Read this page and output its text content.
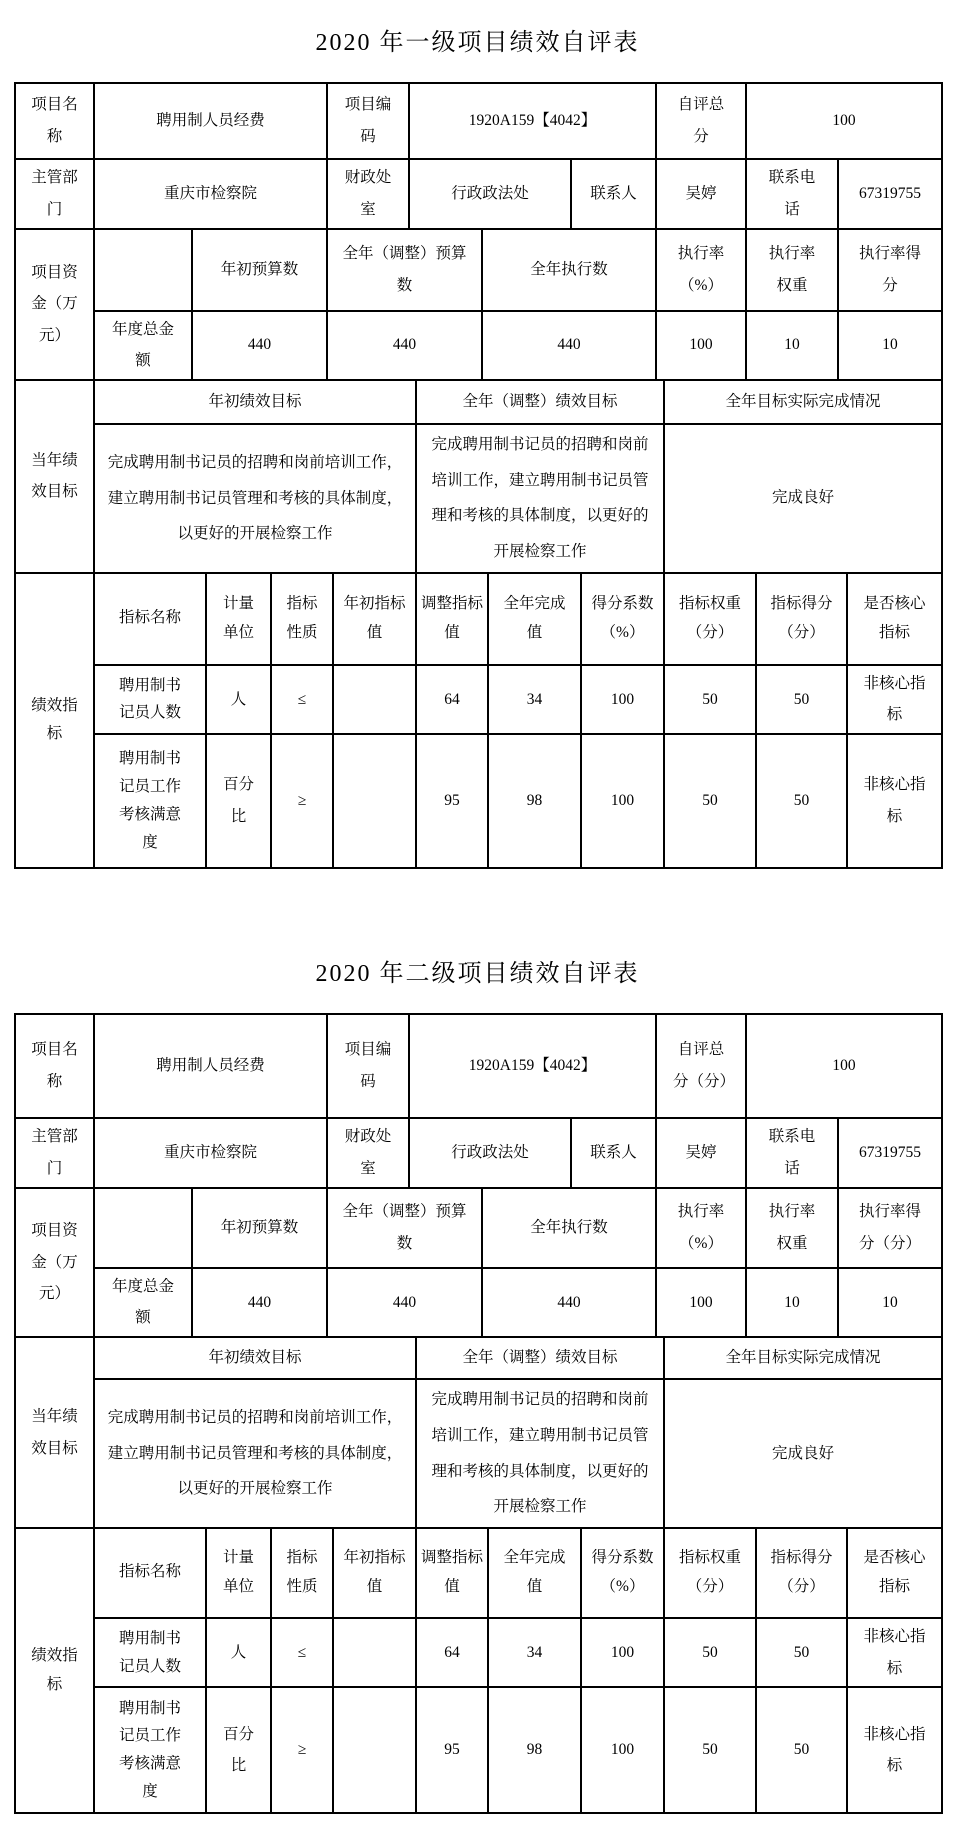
2020 年一级项目绩效自评表
项目名称	聘用制人员经费	项目编码	1920A159【4042】		自评总分	100	
主管部门	重庆市检察院	财政处室	行政政法处	联系人	吴婷	联系电话	67319755
项目资金（万元）		年初预算数	全年（调整）预算数	全年执行数	执行率（%）	执行率权重	执行率得分
	年度总金额	440	440	440	100	10	10
当年绩效目标	年初绩效目标	全年（调整）绩效目标	全年目标实际完成情况
	完成聘用制书记员的招聘和岗前培训工作，建立聘用制书记员管理和考核的具体制度，以更好的开展检察工作	完成聘用制书记员的招聘和岗前培训工作，建立聘用制书记员管理和考核的具体制度，以更好的开展检察工作	完成良好
绩效指标	指标名称	计量单位	指标性质	年初指标值	调整指标值	全年完成值	得分系数（%）	指标权重（分）	指标得分（分）	是否核心指标
	聘用制书记员人数	人	≤		64	34	100	50	50	非核心指标
	聘用制书记员工作考核满意度	百分比	≥		95	98	100	50	50	非核心指标
2020 年二级项目绩效自评表
项目名称	聘用制人员经费	项目编码	1920A159【4042】		自评总分（分）	100	
主管部门	重庆市检察院	财政处室	行政政法处	联系人	吴婷	联系电话	67319755
项目资金（万元）		年初预算数	全年（调整）预算数	全年执行数	执行率（%）	执行率权重	执行率得分（分）
	年度总金额	440	440	440	100	10	10
当年绩效目标	年初绩效目标	全年（调整）绩效目标	全年目标实际完成情况
	完成聘用制书记员的招聘和岗前培训工作，建立聘用制书记员管理和考核的具体制度，以更好的开展检察工作	完成聘用制书记员的招聘和岗前培训工作，建立聘用制书记员管理和考核的具体制度，以更好的开展检察工作	完成良好
绩效指标	指标名称	计量单位	指标性质	年初指标值	调整指标值	全年完成值	得分系数（%）	指标权重（分）	指标得分（分）	是否核心指标
	聘用制书记员人数	人	≤		64	34	100	50	50	非核心指标
	聘用制书记员工作考核满意度	百分比	≥		95	98	100	50	50	非核心指标
